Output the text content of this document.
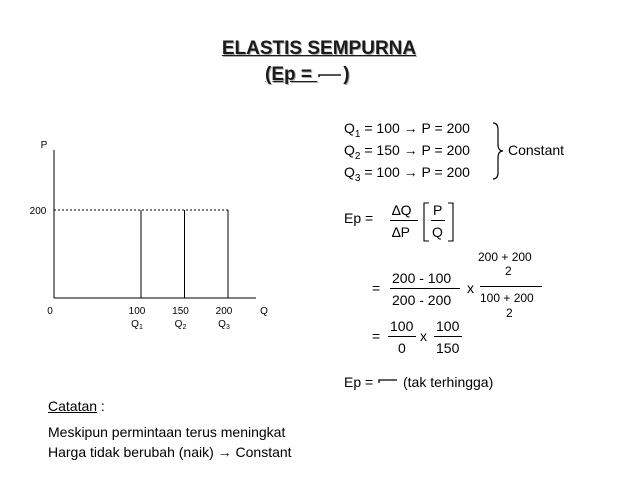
ELASTIS SEMPURNA
(Ep = )
P
Q
0
200
100
$Q_1$
150
$Q_2$
200
$Q_3$
$Q_1 = 100 \to P = 200$
$Q_2 = 150 \to P = 200$
$Q_3 = 100 \to P = 200$
Constant
Ep = ∆Q
∆P
P
Q
200 + 200
2
=
200 - 100
200 - 200
x
100 + 200
2
=
100
0
x
100
150
Ep = (tak terhingga)
Catatan :
Meskipun permintaan terus meningkat
Harga tidak berubah (naik) → Constant
